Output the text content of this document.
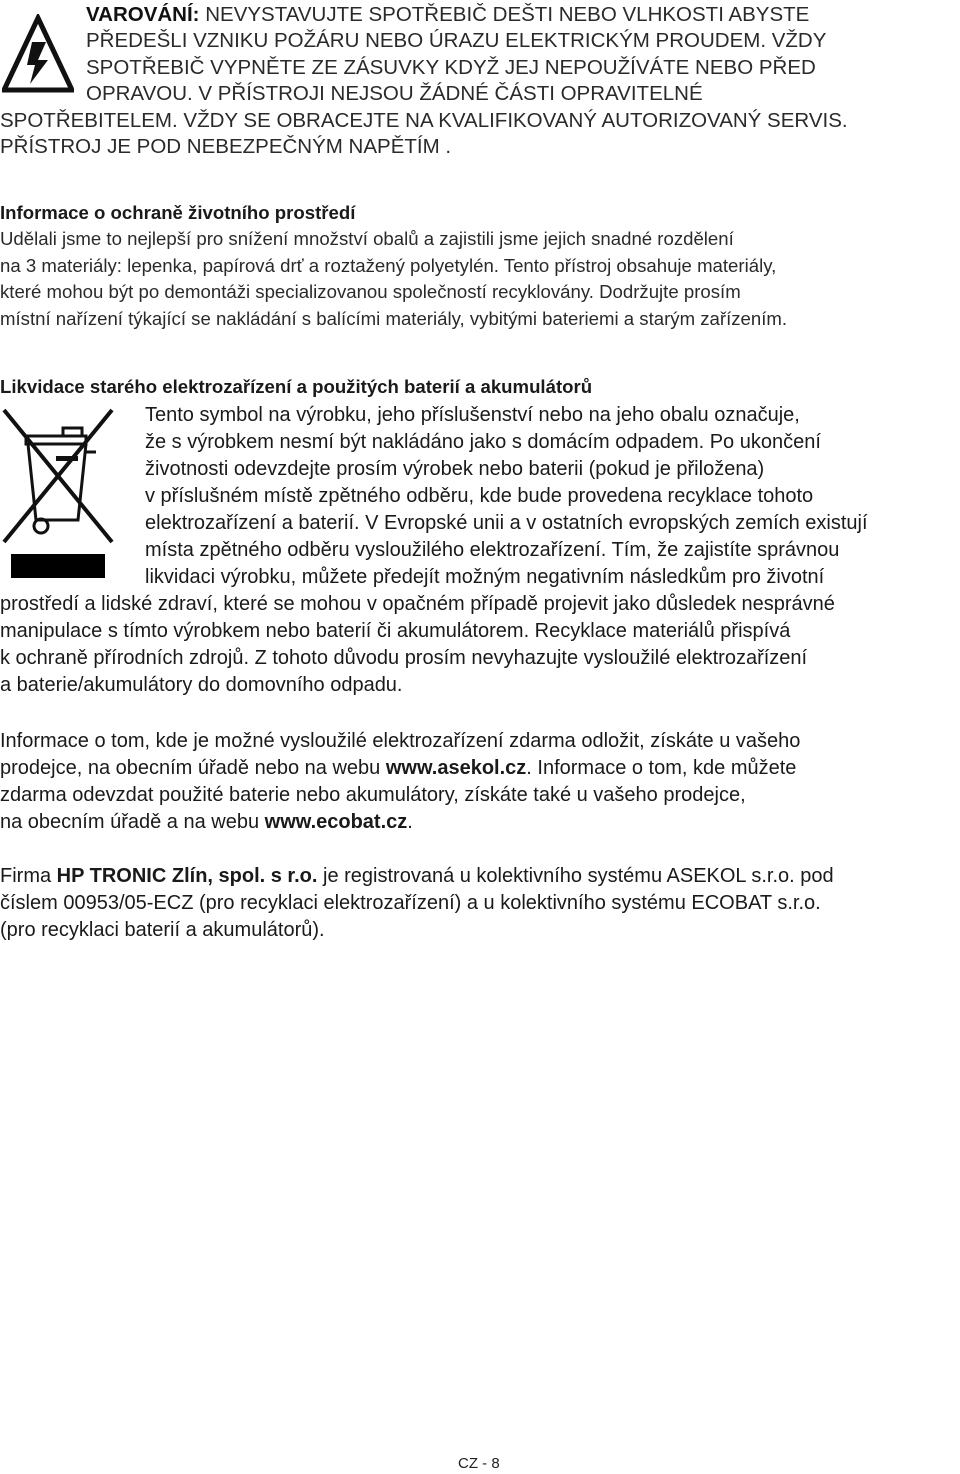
VAROVÁNÍ: NEVYSTAVUJTE SPOTŘEBIČ DEŠTI NEBO VLHKOSTI ABYSTE
PŘEDEŠLI VZNIKU POŽÁRU NEBO ÚRAZU ELEKTRICKÝM PROUDEM. VŽDY
SPOTŘEBIČ VYPNĚTE ZE ZÁSUVKY KDYŽ JEJ NEPOUŽÍVÁTE NEBO PŘED
OPRAVOU. V PŘÍSTROJI NEJSOU ŽÁDNÉ ČÁSTI OPRAVITELNÉ
SPOTŘEBITELEM. VŽDY SE OBRACEJTE NA KVALIFIKOVANÝ AUTORIZOVANÝ SERVIS.
PŘÍSTROJ JE POD NEBEZPEČNÝM NAPĚTÍM .
Informace o ochraně životního prostředí
Udělali jsme to nejlepší pro snížení množství obalů a zajistili jsme jejich snadné rozdělení
na 3 materiály: lepenka, papírová drť a roztažený polyetylén. Tento přístroj obsahuje materiály,
které mohou být po demontáži specializovanou společností recyklovány. Dodržujte prosím
místní nařízení týkající se nakládání s balícími materiály, vybitými bateriemi a starým zařízením.
Likvidace starého elektrozařízení a použitých baterií a akumulátorů
Tento symbol na výrobku, jeho příslušenství nebo na jeho obalu označuje,
že s výrobkem nesmí být nakládáno jako s domácím odpadem. Po ukončení
životnosti odevzdejte prosím výrobek nebo baterii (pokud je přiložena)
v příslušném místě zpětného odběru, kde bude provedena recyklace tohoto
elektrozařízení a baterií. V Evropské unii a v ostatních evropských zemích existují
místa zpětného odběru vysloužilého elektrozařízení. Tím, že zajistíte správnou
likvidaci výrobku, můžete předejít možným negativním následkům pro životní
prostředí a lidské zdraví, které se mohou v opačném případě projevit jako důsledek nesprávné
manipulace s tímto výrobkem nebo baterií či akumulátorem. Recyklace materiálů přispívá
k ochraně přírodních zdrojů. Z tohoto důvodu prosím nevyhazujte vysloužilé elektrozařízení
a baterie/akumulátory do domovního odpadu.
Informace o tom, kde je možné vysloužilé elektrozařízení zdarma odložit, získáte u vašeho
prodejce, na obecním úřadě nebo na webu www.asekol.cz. Informace o tom, kde můžete
zdarma odevzdat použité baterie nebo akumulátory, získáte také u vašeho prodejce,
na obecním úřadě a na webu www.ecobat.cz.
Firma HP TRONIC Zlín, spol. s r.o. je registrovaná u kolektivního systému ASEKOL s.r.o. pod
číslem 00953/05-ECZ (pro recyklaci elektrozařízení) a u kolektivního systému ECOBAT s.r.o.
(pro recyklaci baterií a akumulátorů).
CZ - 8
